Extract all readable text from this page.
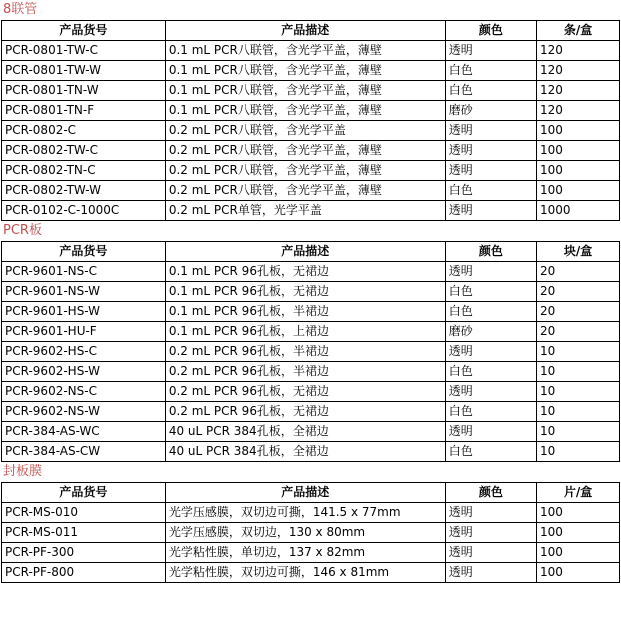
8联管
产品货号	产品描述	颜色	条/盒
PCR-0801-TW-C	0.1 mL PCR八联管，含光学平盖，薄壁	透明	120
PCR-0801-TW-W	0.1 mL PCR八联管，含光学平盖，薄壁	白色	120
PCR-0801-TN-W	0.1 mL PCR八联管，含光学平盖，薄壁	白色	120
PCR-0801-TN-F	0.1 mL PCR八联管，含光学平盖，薄壁	磨砂	120
PCR-0802-C	0.2 mL PCR八联管，含光学平盖	透明	100
PCR-0802-TW-C	0.2 mL PCR八联管，含光学平盖，薄壁	透明	100
PCR-0802-TN-C	0.2 mL PCR八联管，含光学平盖，薄壁	透明	100
PCR-0802-TW-W	0.2 mL PCR八联管，含光学平盖，薄壁	白色	100
PCR-0102-C-1000C	0.2 mL PCR单管，光学平盖	透明	1000
PCR板
产品货号	产品描述	颜色	块/盒
PCR-9601-NS-C	0.1 mL PCR 96孔板，无裙边	透明	20
PCR-9601-NS-W	0.1 mL PCR 96孔板，无裙边	白色	20
PCR-9601-HS-W	0.1 mL PCR 96孔板，半裙边	白色	20
PCR-9601-HU-F	0.1 mL PCR 96孔板，上裙边	磨砂	20
PCR-9602-HS-C	0.2 mL PCR 96孔板，半裙边	透明	10
PCR-9602-HS-W	0.2 mL PCR 96孔板，半裙边	白色	10
PCR-9602-NS-C	0.2 mL PCR 96孔板，无裙边	透明	10
PCR-9602-NS-W	0.2 mL PCR 96孔板，无裙边	白色	10
PCR-384-AS-WC	40 uL PCR 384孔板，全裙边	透明	10
PCR-384-AS-CW	40 uL PCR 384孔板，全裙边	白色	10
封板膜
产品货号	产品描述	颜色	片/盒
PCR-MS-010	光学压感膜，双切边可撕，141.5 x 77mm	透明	100
PCR-MS-011	光学压感膜，双切边，130 x 80mm	透明	100
PCR-PF-300	光学粘性膜，单切边，137 x 82mm	透明	100
PCR-PF-800	光学粘性膜，双切边可撕，146 x 81mm	透明	100
